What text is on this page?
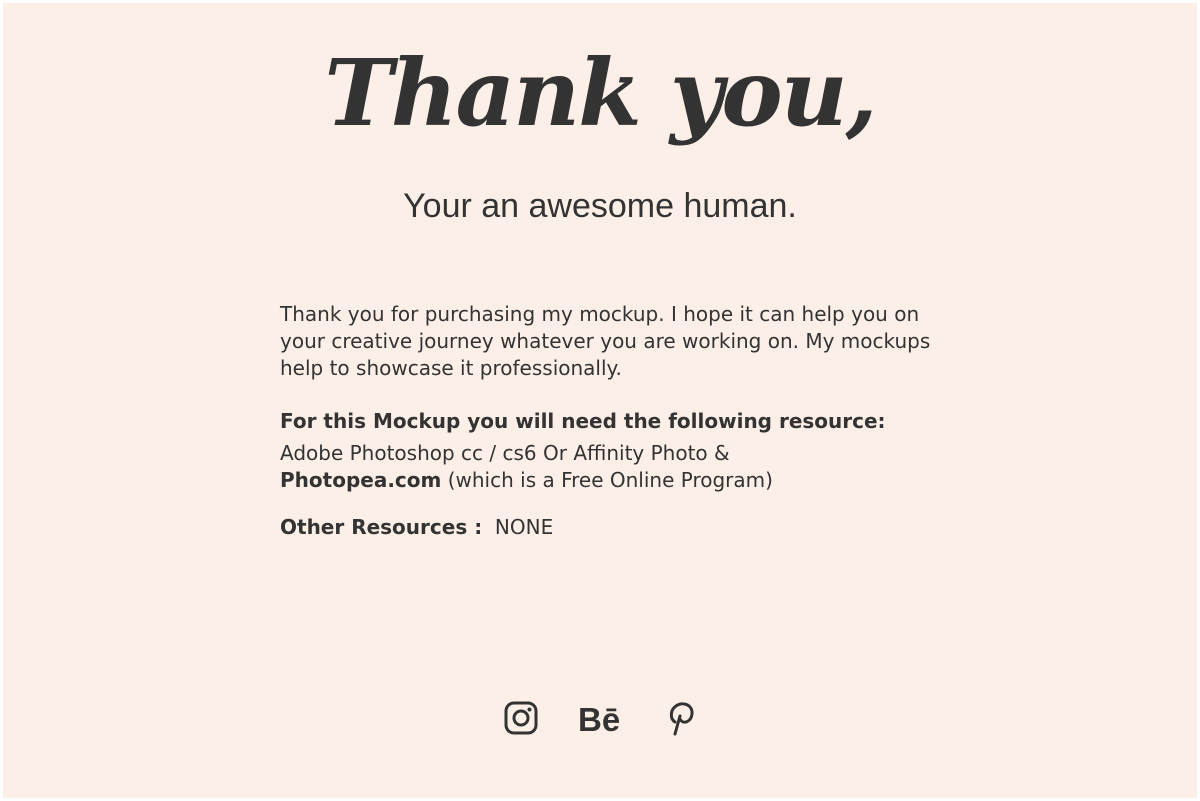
Thank you,
Your an awesome human.

Thank you for purchasing my mockup. I hope it can help you on your creative journey whatever you are working on. My mockups help to showcase it professionally.

For this Mockup you will need the following resource:

Adobe Photoshop cc / cs6 Or Affinity Photo &

Photopea.com (which is a Free Online Program)

Other Resources : NONE

Bē
